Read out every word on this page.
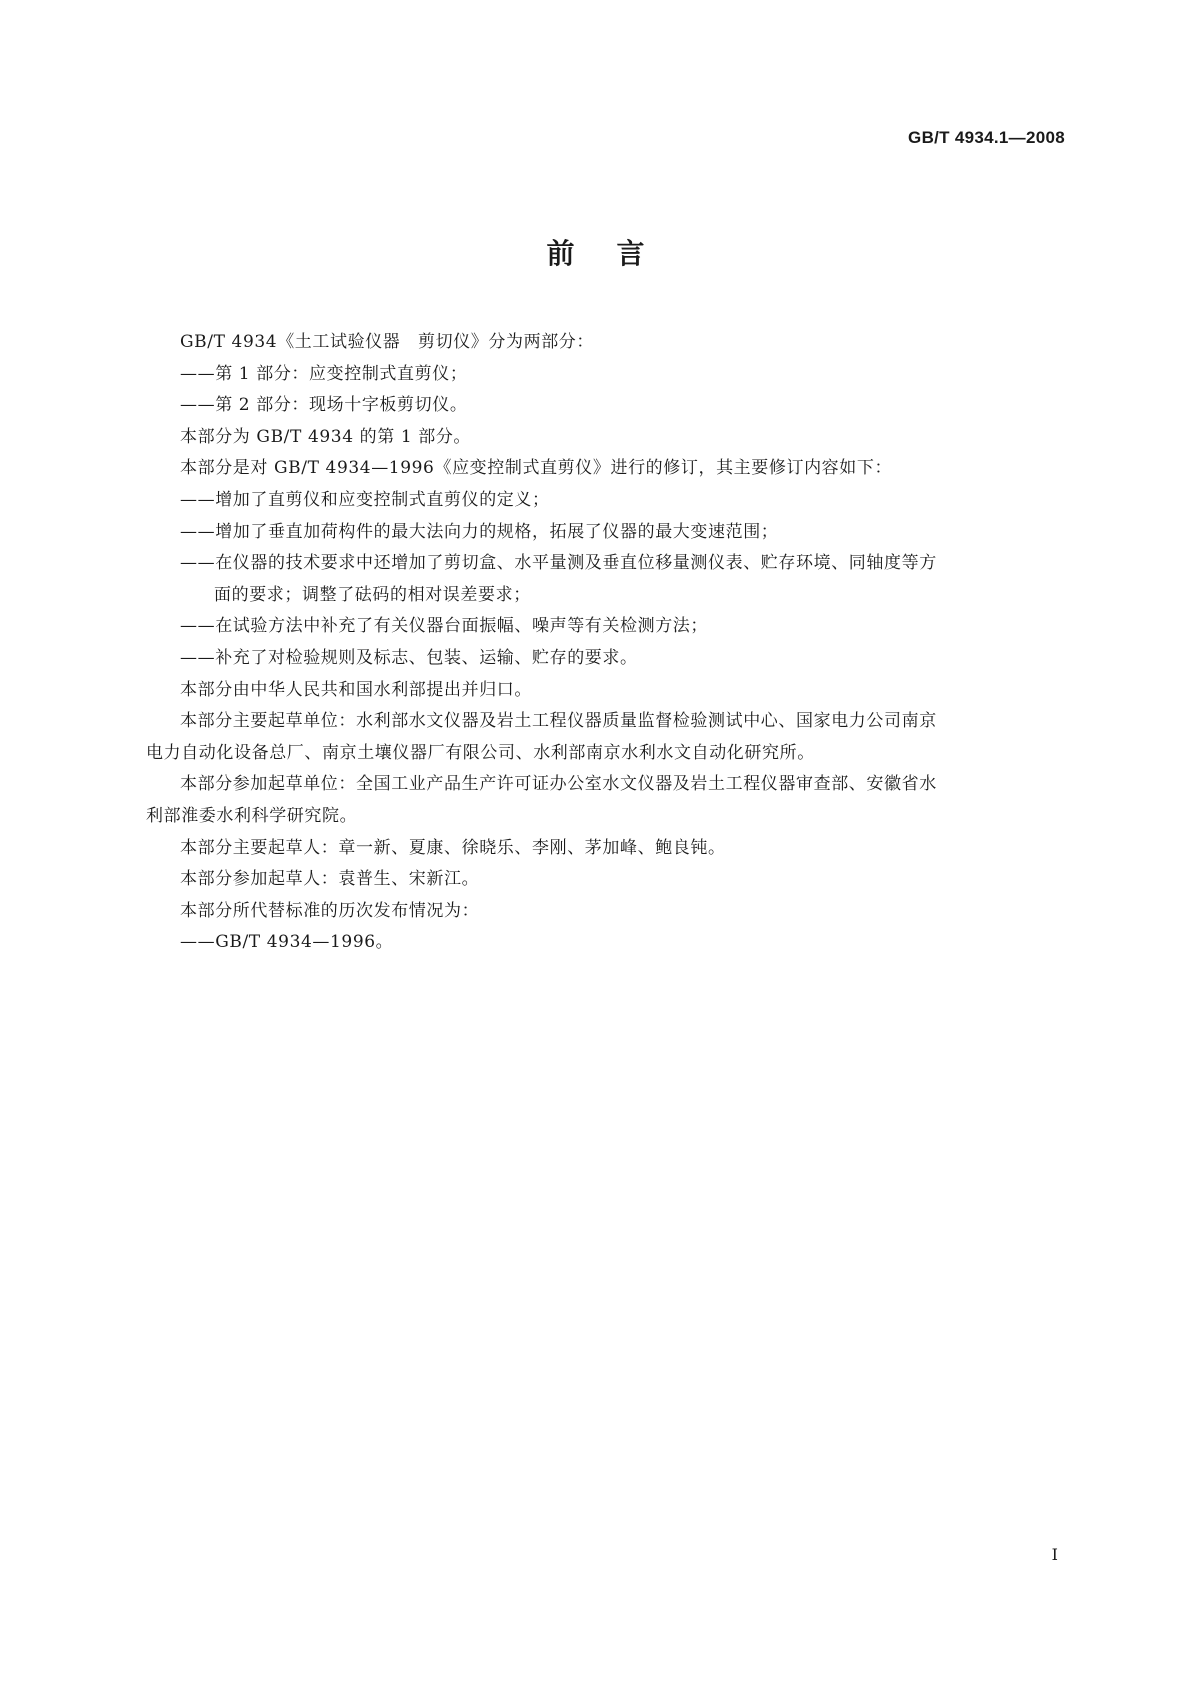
GB/T 4934.1—2008
前言
GB/T 4934《土工试验仪器　剪切仪》分为两部分：
——第 1 部分：应变控制式直剪仪；
——第 2 部分：现场十字板剪切仪。
本部分为 GB/T 4934 的第 1 部分。
本部分是对 GB/T 4934—1996《应变控制式直剪仪》进行的修订，其主要修订内容如下：
——增加了直剪仪和应变控制式直剪仪的定义；
——增加了垂直加荷构件的最大法向力的规格，拓展了仪器的最大变速范围；
——在仪器的技术要求中还增加了剪切盒、水平量测及垂直位移量测仪表、贮存环境、同轴度等方
面的要求；调整了砝码的相对误差要求；
——在试验方法中补充了有关仪器台面振幅、噪声等有关检测方法；
——补充了对检验规则及标志、包装、运输、贮存的要求。
本部分由中华人民共和国水利部提出并归口。
本部分主要起草单位：水利部水文仪器及岩土工程仪器质量监督检验测试中心、国家电力公司南京
电力自动化设备总厂、南京土壤仪器厂有限公司、水利部南京水利水文自动化研究所。
本部分参加起草单位：全国工业产品生产许可证办公室水文仪器及岩土工程仪器审查部、安徽省水
利部淮委水利科学研究院。
本部分主要起草人：章一新、夏康、徐晓乐、李刚、茅加峰、鲍良钝。
本部分参加起草人：袁普生、宋新江。
本部分所代替标准的历次发布情况为：
——GB/T 4934—1996。
I
